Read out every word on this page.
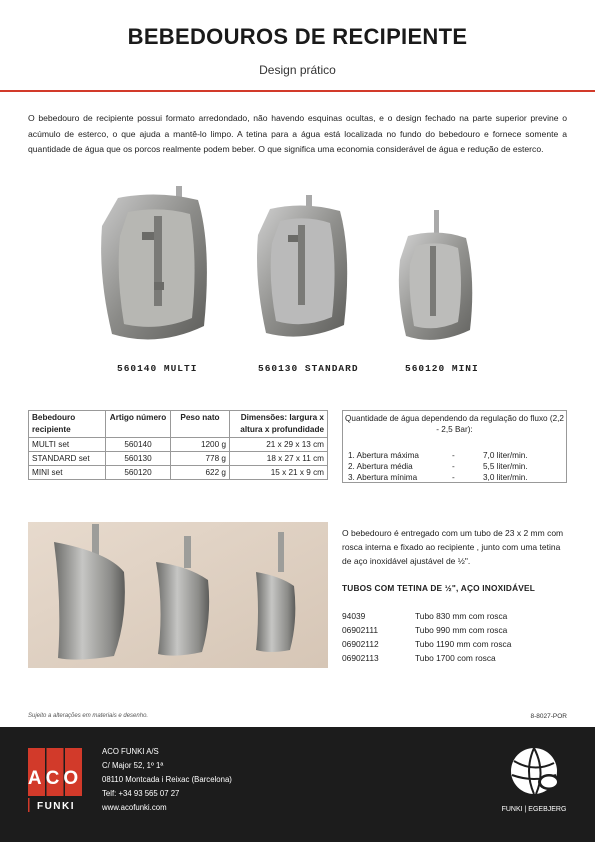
BEBEDOUROS DE RECIPIENTE
Design prático
O bebedouro de recipiente possui formato arredondado, não havendo esquinas ocultas, e o design fechado na parte superior previne o acúmulo de esterco, o que ajuda a mantê-lo limpo. A tetina para a água está localizada no fundo do bebedouro e fornece somente a quantidade de água que os porcos realmente podem beber. O que significa uma economia considerável de água e redução de esterco.
560140 MULTI	560130 STANDARD	560120 MINI
Bebedouro recipiente	Artigo número	Peso nato	Dimensões: largura x altura x profundidade
MULTI set	560140	1200 g	21 x 29 x 13 cm
STANDARD set	560130	778 g	18 x 27 x 11 cm
MINI set	560120	622 g	15 x 21 x 9 cm
Quantidade de água dependendo da regulação do fluxo (2,2 - 2,5 Bar):
1. Abertura máxima	-	7,0 liter/min.
2. Abertura média	-	5,5 liter/min.
3. Abertura mínima	-	3,0 liter/min.
O bebedouro é entregado com um tubo de 23 x 2 mm com rosca interna e fixado ao recipiente , junto com uma tetina de aço inoxidável ajustável de ½".
TUBOS COM TETINA DE ½", AÇO INOXIDÁVEL
94039	Tubo 830 mm com rosca
06902111	Tubo 990 mm com rosca
06902112	Tubo 1190 mm com rosca
06902113	Tubo 1700 com rosca
Sujeito a alterações em materiais e desenho.	8-8027-POR
ACO
FUNKI
ACO FUNKI A/S
C/ Major 52, 1º 1ª
08110 Montcada i Reixac (Barcelona)
Telf: +34 93 565 07 27
www.acofunki.com	FUNKI | EGEBJERG
